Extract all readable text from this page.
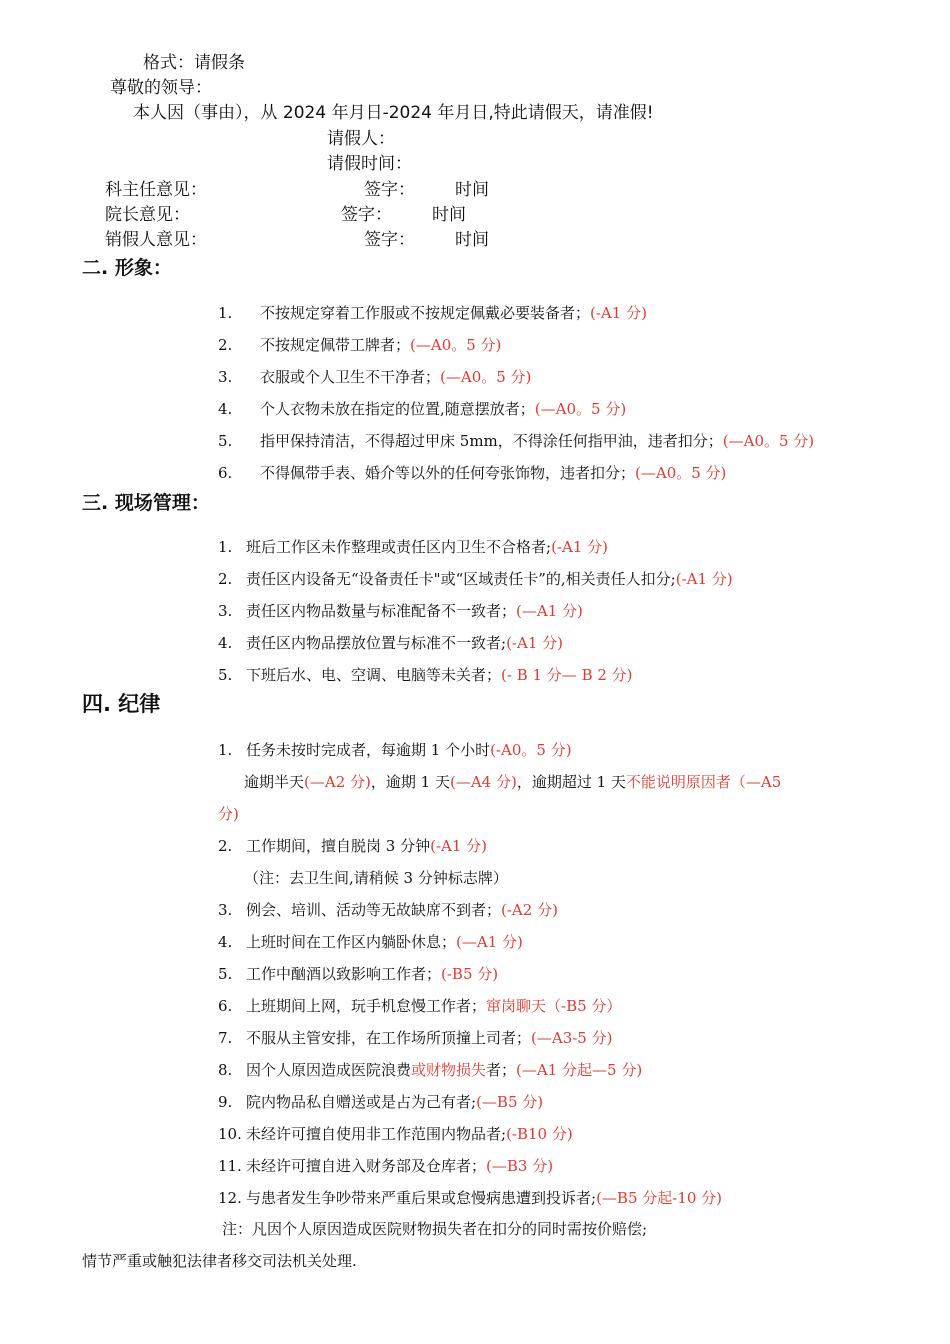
格式：请假条
尊敬的领导：
本人因（事由），从 2024 年月日-2024 年月日,特此请假天，请准假!
请假人：
请假时间：
科主任意见：	签字： 时间
院长意见：	签字： 时间
销假人意见：	签字： 时间
二. 形象：
1. 不按规定穿着工作服或不按规定佩戴必要装备者；(-A1 分)
2. 不按规定佩带工牌者；(—A0。5 分)
3. 衣服或个人卫生不干净者；(—A0。5 分)
4. 个人衣物未放在指定的位置,随意摆放者；(—A0。5 分)
5. 指甲保持清洁，不得超过甲床 5mm，不得涂任何指甲油，违者扣分；(—A0。5 分)
6. 不得佩带手表、婚介等以外的任何夸张饰物，违者扣分；(—A0。5 分)
三. 现场管理：
1. 班后工作区未作整理或责任区内卫生不合格者;(-A1 分)
2. 责任区内设备无“设备责任卡"或“区域责任卡”的,相关责任人扣分;(-A1 分)
3. 责任区内物品数量与标准配备不一致者；(—A1 分)
4. 责任区内物品摆放位置与标准不一致者;(-A1 分)
5. 下班后水、电、空调、电脑等未关者；(- B 1 分— B 2 分)
四. 纪律
1. 任务未按时完成者，每逾期 1 个小时(-A0。5 分)
逾期半天(—A2 分)，逾期 1 天(—A4 分)，逾期超过 1 天不能说明原因者（—A5
分)
2. 工作期间，擅自脱岗 3 分钟(-A1 分)
（注：去卫生间,请稍候 3 分钟标志牌）
3. 例会、培训、活动等无故缺席不到者；(-A2 分)
4. 上班时间在工作区内躺卧休息；(—A1 分)
5. 工作中酗酒以致影响工作者；(-B5 分)
6. 上班期间上网，玩手机怠慢工作者；窜岗聊天（-B5 分）
7. 不服从主管安排，在工作场所顶撞上司者；(—A3-5 分)
8. 因个人原因造成医院浪费或财物损失者；(—A1 分起—5 分)
9. 院内物品私自赠送或是占为己有者;(—B5 分)
10. 未经许可擅自使用非工作范围内物品者;(-B10 分)
11. 未经许可擅自进入财务部及仓库者；(—B3 分)
12. 与患者发生争吵带来严重后果或怠慢病患遭到投诉者;(—B5 分起-10 分)
注：凡因个人原因造成医院财物损失者在扣分的同时需按价赔偿;
情节严重或触犯法律者移交司法机关处理.
